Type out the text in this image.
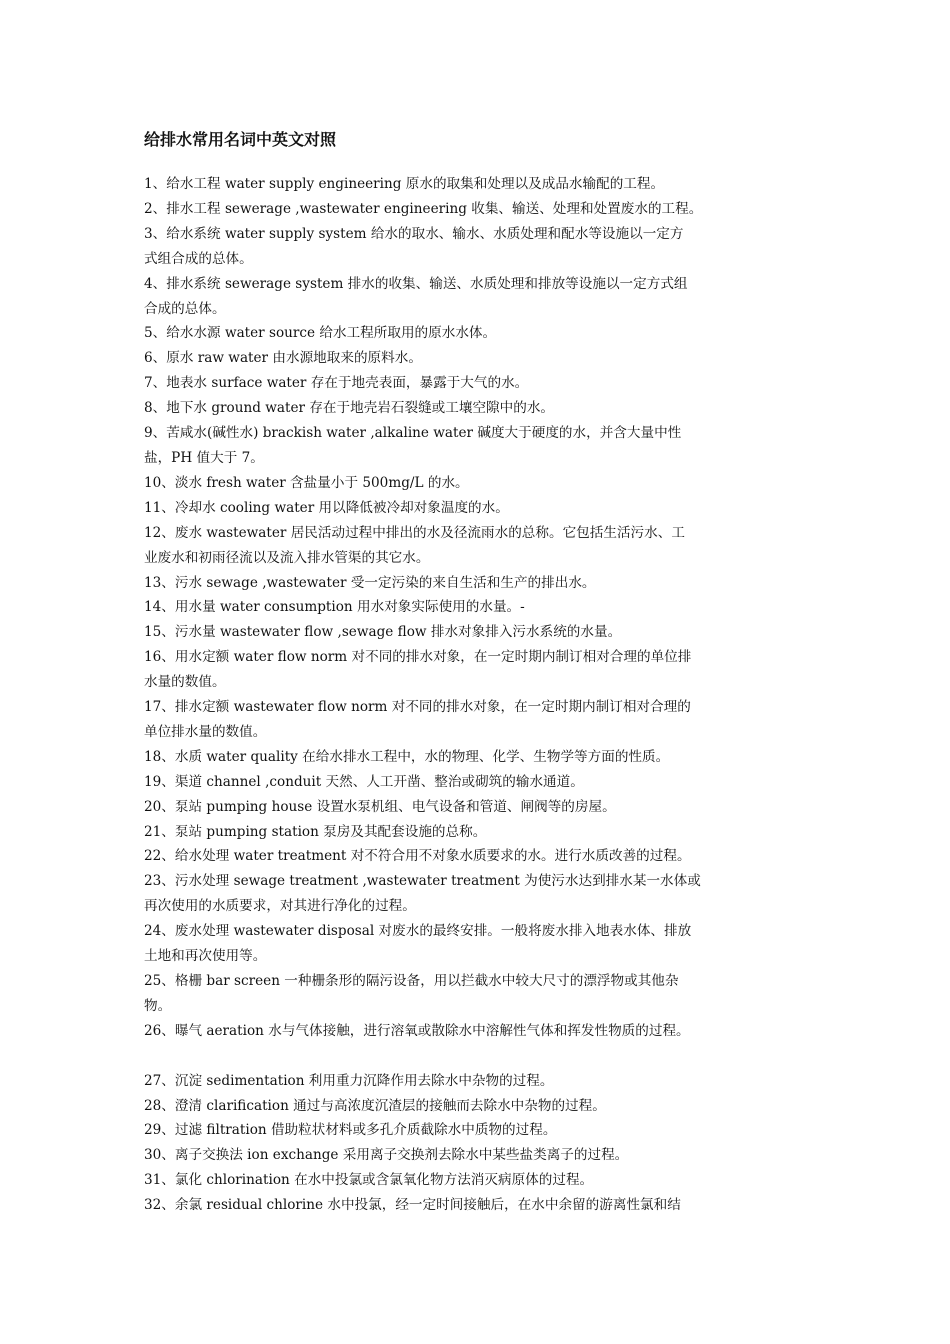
给排水常用名词中英文对照

1、给水工程 water supply engineering 原水的取集和处理以及成品水输配的工程。

2、排水工程 sewerage ,wastewater engineering 收集、输送、处理和处置废水的工程。

3、给水系统 water supply system 给水的取水、输水、水质处理和配水等设施以一定方

式组合成的总体。

4、排水系统 sewerage system 排水的收集、输送、水质处理和排放等设施以一定方式组

合成的总体。

5、给水水源 water source 给水工程所取用的原水水体。

6、原水 raw water 由水源地取来的原料水。

7、地表水 surface water 存在于地壳表面，暴露于大气的水。

8、地下水 ground water 存在于地壳岩石裂缝或工壤空隙中的水。

9、苦咸水(碱性水) brackish water ,alkaline water 碱度大于硬度的水，并含大量中性

盐，PH 值大于 7。

10、淡水 fresh water 含盐量小于 500mg/L 的水。

11、冷却水 cooling water 用以降低被冷却对象温度的水。

12、废水 wastewater 居民活动过程中排出的水及径流雨水的总称。它包括生活污水、工

业废水和初雨径流以及流入排水管渠的其它水。

13、污水 sewage ,wastewater 受一定污染的来自生活和生产的排出水。

14、用水量 water consumption 用水对象实际使用的水量。-

15、污水量 wastewater flow ,sewage flow 排水对象排入污水系统的水量。

16、用水定额 water flow norm 对不同的排水对象，在一定时期内制订相对合理的单位排

水量的数值。

17、排水定额 wastewater flow norm 对不同的排水对象，在一定时期内制订相对合理的

单位排水量的数值。

18、水质 water quality 在给水排水工程中，水的物理、化学、生物学等方面的性质。

19、渠道 channel ,conduit 天然、人工开凿、整治或砌筑的输水通道。

20、泵站 pumping house 设置水泵机组、电气设备和管道、闸阀等的房屋。

21、泵站 pumping station 泵房及其配套设施的总称。

22、给水处理 water treatment 对不符合用不对象水质要求的水。进行水质改善的过程。

23、污水处理 sewage treatment ,wastewater treatment 为使污水达到排水某一水体或

再次使用的水质要求，对其进行净化的过程。

24、废水处理 wastewater disposal 对废水的最终安排。一般将废水排入地表水体、排放

土地和再次使用等。

25、格栅 bar screen 一种栅条形的隔污设备，用以拦截水中较大尺寸的漂浮物或其他杂

物。

26、曝气 aeration 水与气体接触，进行溶氧或散除水中溶解性气体和挥发性物质的过程。

27、沉淀 sedimentation 利用重力沉降作用去除水中杂物的过程。

28、澄清 clarification 通过与高浓度沉渣层的接触而去除水中杂物的过程。

29、过滤 filtration 借助粒状材料或多孔介质截除水中质物的过程。

30、离子交换法 ion exchange 采用离子交换剂去除水中某些盐类离子的过程。

31、氯化 chlorination 在水中投氯或含氯氧化物方法消灭病原体的过程。

32、余氯 residual chlorine 水中投氯，经一定时间接触后，在水中余留的游离性氯和结
